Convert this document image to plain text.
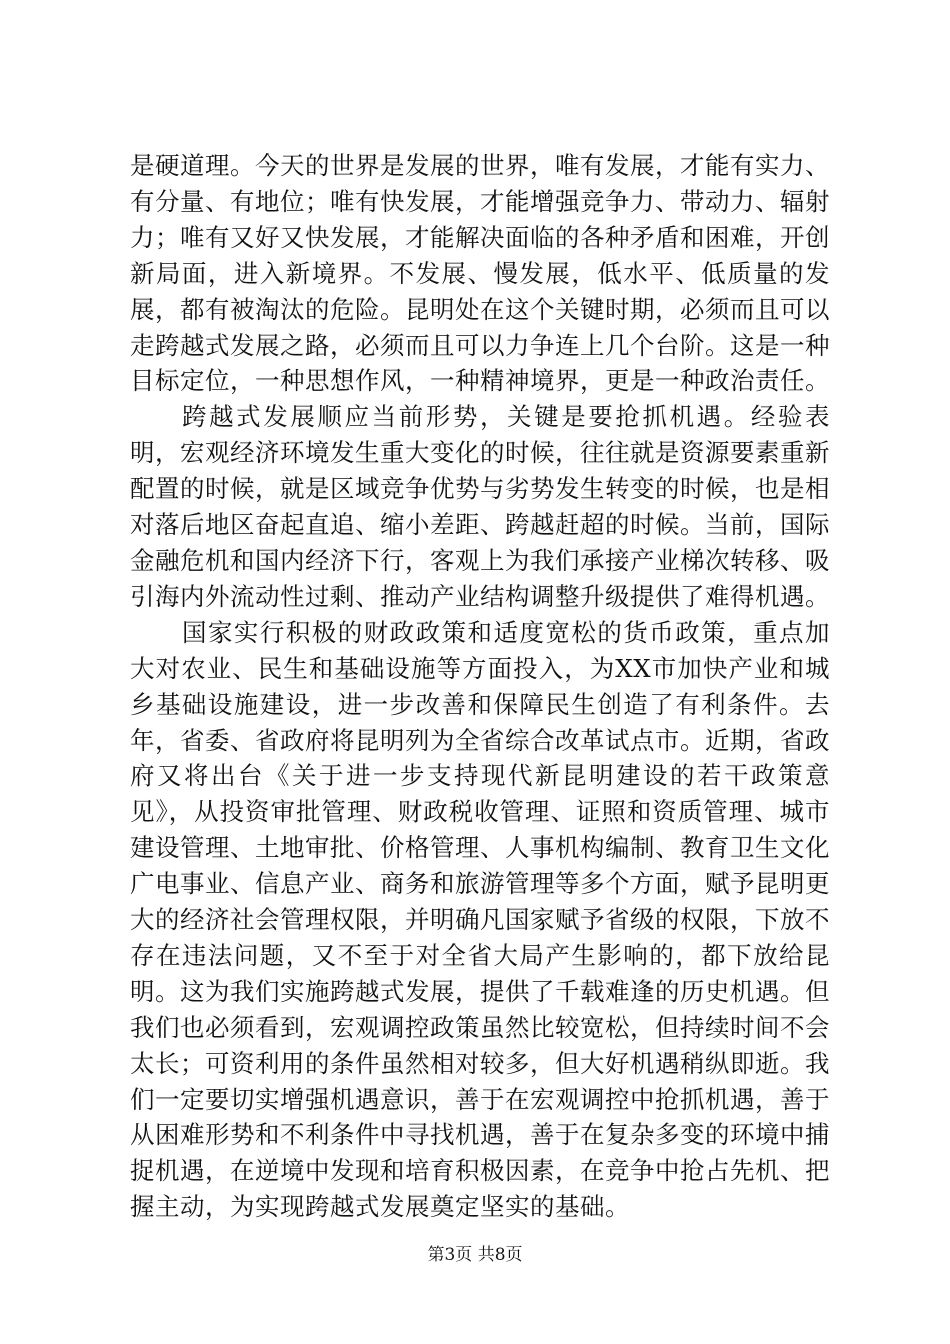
是硬道理。今天的世界是发展的世界，唯有发展，才能有实力、有分量、有地位；唯有快发展，才能增强竞争力、带动力、辐射力；唯有又好又快发展，才能解决面临的各种矛盾和困难，开创新局面，进入新境界。不发展、慢发展，低水平、低质量的发展，都有被淘汰的危险。昆明处在这个关键时期，必须而且可以走跨越式发展之路，必须而且可以力争连上几个台阶。这是一种目标定位，一种思想作风，一种精神境界，更是一种政治责任。

跨越式发展顺应当前形势，关键是要抢抓机遇。经验表明，宏观经济环境发生重大变化的时候，往往就是资源要素重新配置的时候，就是区域竞争优势与劣势发生转变的时候，也是相对落后地区奋起直追、缩小差距、跨越赶超的时候。当前，国际金融危机和国内经济下行，客观上为我们承接产业梯次转移、吸引海内外流动性过剩、推动产业结构调整升级提供了难得机遇。

国家实行积极的财政政策和适度宽松的货币政策，重点加大对农业、民生和基础设施等方面投入，为XX市加快产业和城乡基础设施建设，进一步改善和保障民生创造了有利条件。去年，省委、省政府将昆明列为全省综合改革试点市。近期，省政府又将出台《关于进一步支持现代新昆明建设的若干政策意见》，从投资审批管理、财政税收管理、证照和资质管理、城市建设管理、土地审批、价格管理、人事机构编制、教育卫生文化广电事业、信息产业、商务和旅游管理等多个方面，赋予昆明更大的经济社会管理权限，并明确凡国家赋予省级的权限，下放不存在违法问题，又不至于对全省大局产生影响的，都下放给昆明。这为我们实施跨越式发展，提供了千载难逢的历史机遇。但我们也必须看到，宏观调控政策虽然比较宽松，但持续时间不会太长；可资利用的条件虽然相对较多，但大好机遇稍纵即逝。我们一定要切实增强机遇意识，善于在宏观调控中抢抓机遇，善于从困难形势和不利条件中寻找机遇，善于在复杂多变的环境中捕捉机遇，在逆境中发现和培育积极因素，在竞争中抢占先机、把握主动，为实现跨越式发展奠定坚实的基础。

第3页 共8页
